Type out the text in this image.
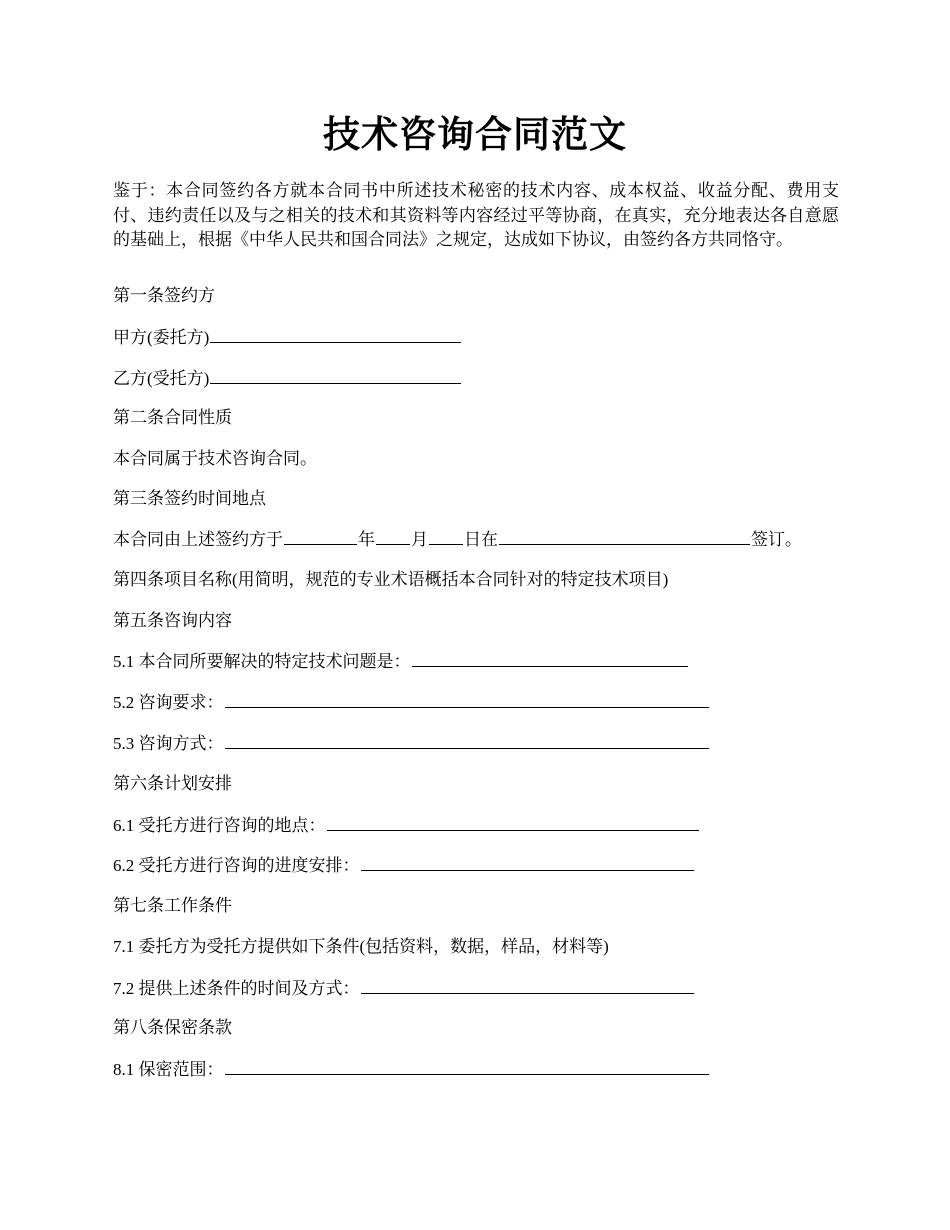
技术咨询合同范文

鉴于：本合同签约各方就本合同书中所述技术秘密的技术内容、成本权益、收益分配、费用支付、违约责任以及与之相关的技术和其资料等内容经过平等协商，在真实，充分地表达各自意愿的基础上，根据《中华人民共和国合同法》之规定，达成如下协议，由签约各方共同恪守。

第一条签约方

甲方(委托方)

乙方(受托方)

第二条合同性质

本合同属于技术咨询合同。

第三条签约时间地点

本合同由上述签约方于	年 月 日在	签订。

第四条项目名称(用简明，规范的专业术语概括本合同针对的特定技术项目)

第五条咨询内容

5.1 本合同所要解决的特定技术问题是：

5.2 咨询要求：

5.3 咨询方式：

第六条计划安排

6.1 受托方进行咨询的地点：

6.2 受托方进行咨询的进度安排：

第七条工作条件

7.1 委托方为受托方提供如下条件(包括资料，数据，样品，材料等)

7.2 提供上述条件的时间及方式：

第八条保密条款

8.1 保密范围：
